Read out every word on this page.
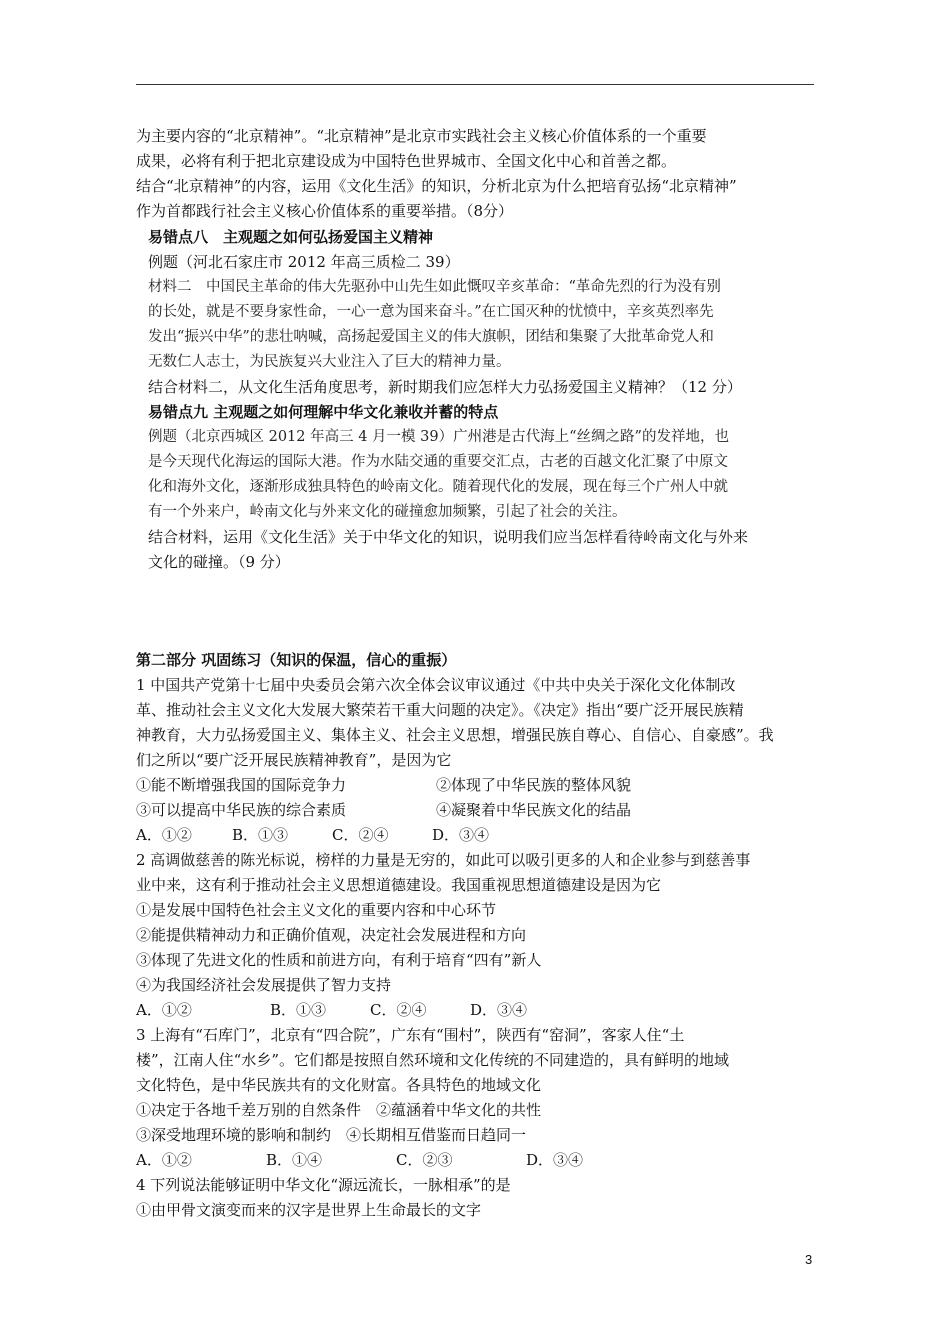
为主要内容的“北京精神”。“北京精神”是北京市实践社会主义核心价值体系的一个重要
成果，必将有利于把北京建设成为中国特色世界城市、全国文化中心和首善之都。
结合“北京精神”的内容，运用《文化生活》的知识，分析北京为什么把培育弘扬“北京精神”
作为首都践行社会主义核心价值体系的重要举措。（8分）
易错点八　主观题之如何弘扬爱国主义精神
例题（河北石家庄市 2012 年高三质检二 39）
材料二　中国民主革命的伟大先驱孙中山先生如此慨叹辛亥革命：“革命先烈的行为没有别
的长处，就是不要身家性命，一心一意为国来奋斗。”在亡国灭种的忧愤中，辛亥英烈率先
发出“振兴中华”的悲壮呐喊，高扬起爱国主义的伟大旗帜，团结和集聚了大批革命党人和
无数仁人志士，为民族复兴大业注入了巨大的精神力量。
结合材料二，从文化生活角度思考，新时期我们应怎样大力弘扬爱国主义精神？（12 分）
易错点九 主观题之如何理解中华文化兼收并蓄的特点
例题（北京西城区 2012 年高三 4 月一模 39）广州港是古代海上“丝绸之路”的发祥地，也
是今天现代化海运的国际大港。作为水陆交通的重要交汇点，古老的百越文化汇聚了中原文
化和海外文化，逐渐形成独具特色的岭南文化。随着现代化的发展，现在每三个广州人中就
有一个外来户，岭南文化与外来文化的碰撞愈加频繁，引起了社会的关注。
结合材料，运用《文化生活》关于中华文化的知识，说明我们应当怎样看待岭南文化与外来
文化的碰撞。（9 分）
第二部分 巩固练习（知识的保温，信心的重振）
1 中国共产党第十七届中央委员会第六次全体会议审议通过《中共中央关于深化文化体制改
革、推动社会主义文化大发展大繁荣若干重大问题的决定》。《决定》指出“要广泛开展民族精
神教育，大力弘扬爱国主义、集体主义、社会主义思想，增强民族自尊心、自信心、自豪感”。我
们之所以“要广泛开展民族精神教育”，是因为它
①能不断增强我国的国际竞争力	②体现了中华民族的整体风貌
③可以提高中华民族的综合素质	④凝聚着中华民族文化的结晶
A．①②	B．①③	C．②④	D．③④
2 高调做慈善的陈光标说，榜样的力量是无穷的，如此可以吸引更多的人和企业参与到慈善事
业中来，这有利于推动社会主义思想道德建设。我国重视思想道德建设是因为它
①是发展中国特色社会主义文化的重要内容和中心环节
②能提供精神动力和正确价值观，决定社会发展进程和方向
③体现了先进文化的性质和前进方向，有利于培育“四有”新人
④为我国经济社会发展提供了智力支持
A．①②	B．①③	C．②④	D．③④
3 上海有“石库门”，北京有“四合院”，广东有“围村”，陕西有“窑洞”，客家人住“土
楼”，江南人住“水乡”。它们都是按照自然环境和文化传统的不同建造的，具有鲜明的地域
文化特色，是中华民族共有的文化财富。各具特色的地域文化
①决定于各地千差万别的自然条件　②蕴涵着中华文化的共性
③深受地理环境的影响和制约　④长期相互借鉴而日趋同一
A．①②	B．①④	C．②③	D．③④
4 下列说法能够证明中华文化“源远流长，一脉相承”的是
①由甲骨文演变而来的汉字是世界上生命最长的文字
3
